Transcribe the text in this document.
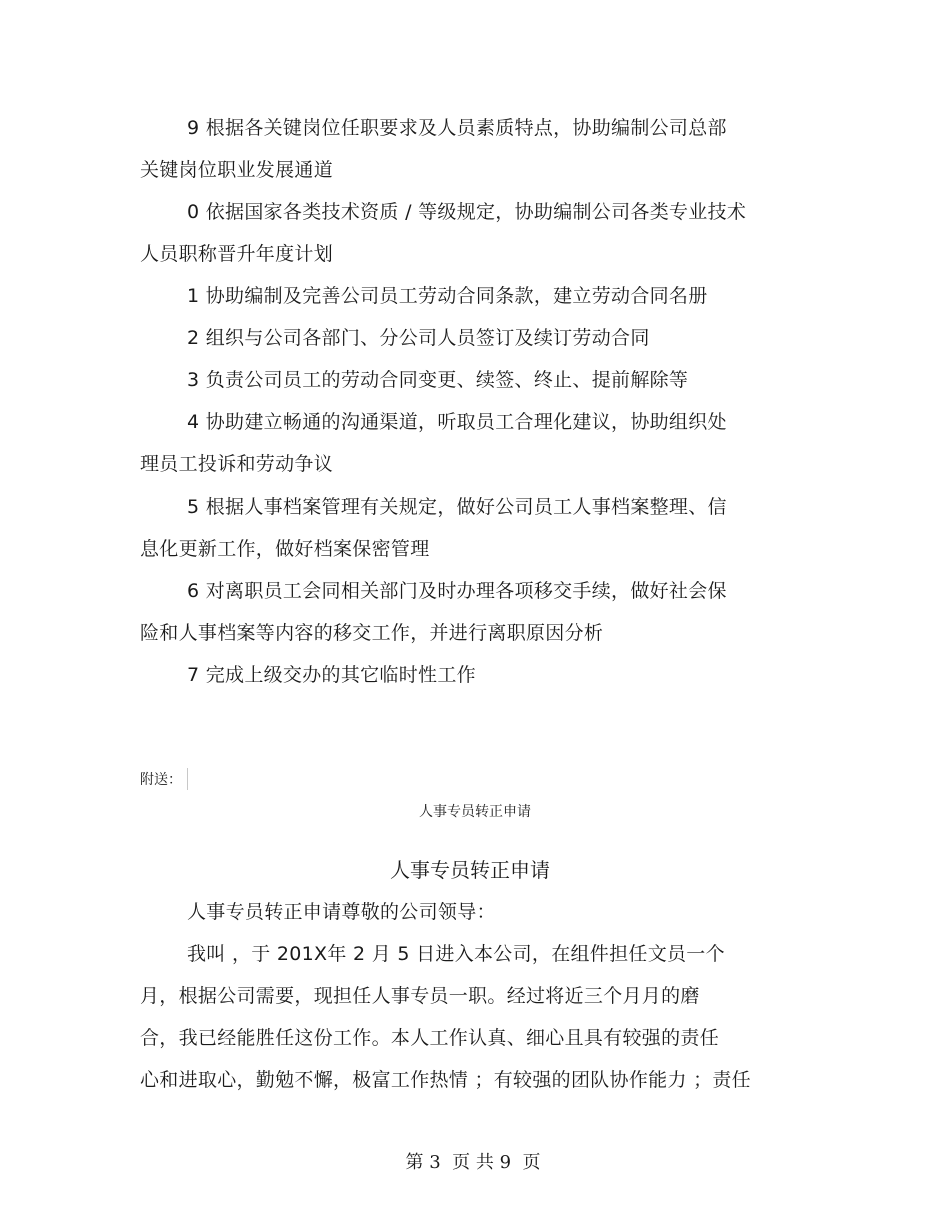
9 根据各关键岗位任职要求及人员素质特点，协助编制公司总部
关键岗位职业发展通道
0 依据国家各类技术资质 / 等级规定，协助编制公司各类专业技术
人员职称晋升年度计划
1 协助编制及完善公司员工劳动合同条款，建立劳动合同名册
2 组织与公司各部门、分公司人员签订及续订劳动合同
3 负责公司员工的劳动合同变更、续签、终止、提前解除等
4 协助建立畅通的沟通渠道，听取员工合理化建议，协助组织处
理员工投诉和劳动争议
5 根据人事档案管理有关规定，做好公司员工人事档案整理、信
息化更新工作，做好档案保密管理
6 对离职员工会同相关部门及时办理各项移交手续，做好社会保
险和人事档案等内容的移交工作，并进行离职原因分析
7 完成上级交办的其它临时性工作
附送：
人事专员转正申请
人事专员转正申请
人事专员转正申请尊敬的公司领导：
我叫 ，于 201X年 2 月 5 日进入本公司，在组件担任文员一个
月，根据公司需要，现担任人事专员一职。经过将近三个月月的磨
合，我已经能胜任这份工作。本人工作认真、细心且具有较强的责任
心和进取心，勤勉不懈，极富工作热情 ；有较强的团队协作能力 ；责任
第 3  页 共 9  页
